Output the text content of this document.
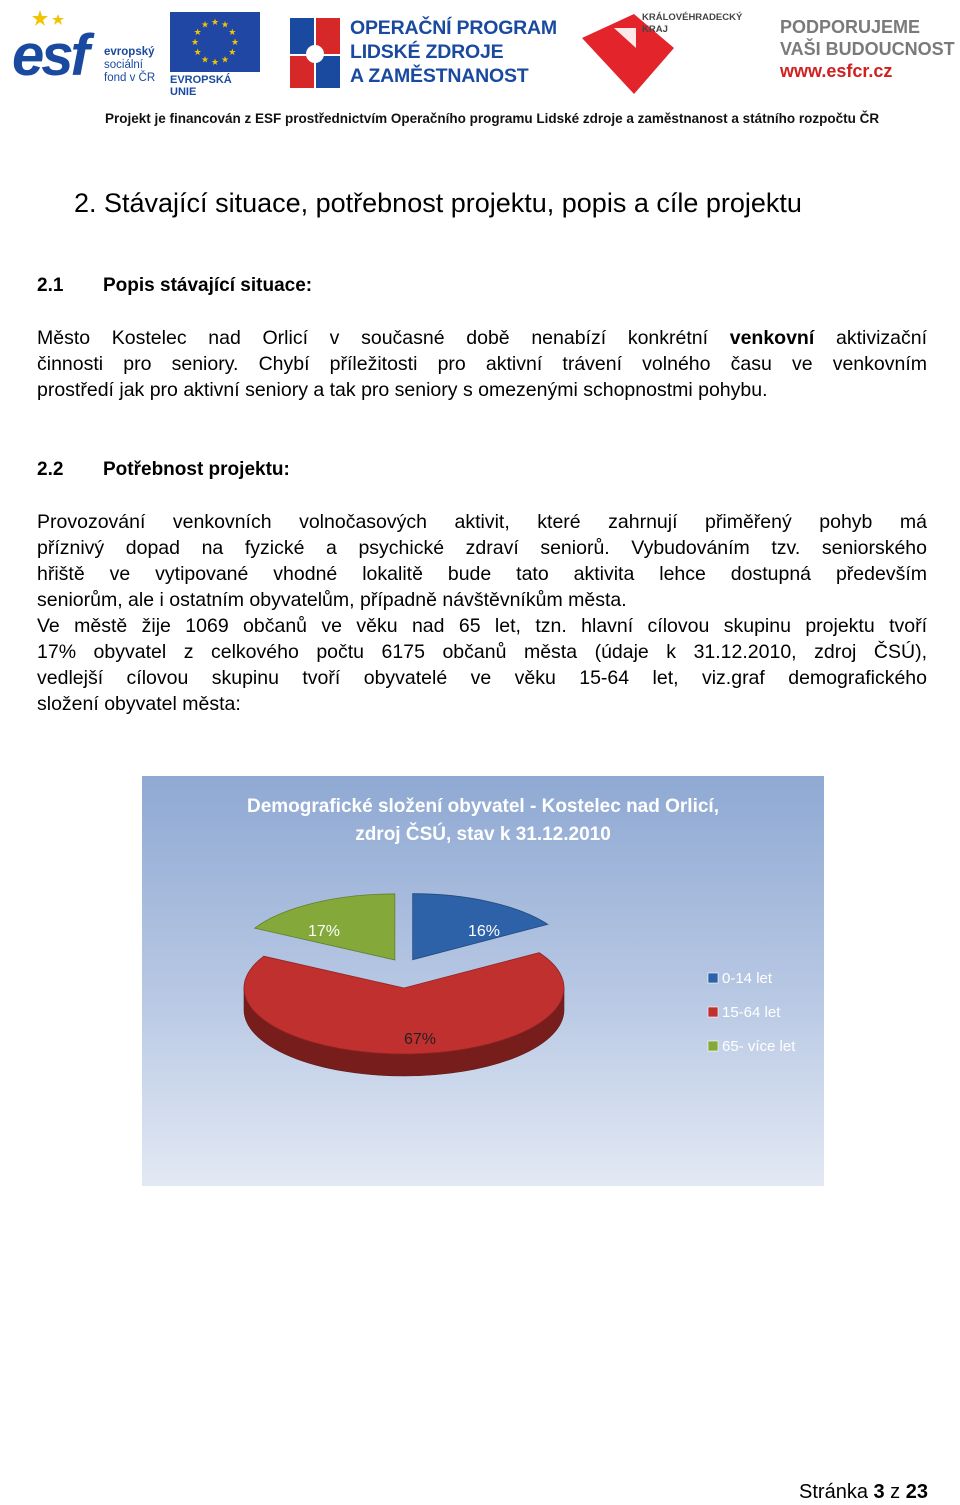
esf evropský
sociální
fond v ČR
★
★
★
★
★
★
★
★
★ ★ ★
★
EVROPSKÁ UNIE
OPERAČNÍ PROGRAM
LIDSKÉ ZDROJE
A ZAMĚSTNANOST
KRÁLOVÉHRADECKÝ
KRAJ	PODPORUJEME
VAŠI BUDOUCNOST
www.esfcr.cz
Projekt je financován z ESF prostřednictvím Operačního programu Lidské zdroje a zaměstnanost a státního rozpočtu ČR
2. Stávající situace, potřebnost projektu, popis a cíle projektu
2.1 Popis stávající situace:
Město Kostelec nad Orlicí v současné době nenabízí konkrétní venkovní aktivizační
činnosti pro seniory. Chybí příležitosti pro aktivní trávení volného času ve venkovním
prostředí jak pro aktivní seniory a tak pro seniory s omezenými schopnostmi pohybu.
2.2 Potřebnost projektu:
Provozování venkovních volnočasových aktivit, které zahrnují přiměřený pohyb má
příznivý dopad na fyzické a psychické zdraví seniorů. Vybudováním tzv. seniorského
hřiště ve vytipované vhodné lokalitě bude tato aktivita lehce dostupná především
seniorům, ale i ostatním obyvatelům, případně návštěvníkům města.
Ve městě žije 1069 občanů ve věku nad 65 let, tzn. hlavní cílovou skupinu projektu tvoří
17% obyvatel z celkového počtu 6175 občanů města (údaje k 31.12.2010, zdroj ČSÚ),
vedlejší cílovou skupinu tvoří obyvatelé ve věku 15-64 let, viz.graf demografického
složení obyvatel města:
Demografické složení obyvatel - Kostelec nad Orlicí,
zdroj ČSÚ, stav k 31.12.2010
16%
67%
17%
0-14 let
15-64 let
65- více let
Stránka 3 z 23
